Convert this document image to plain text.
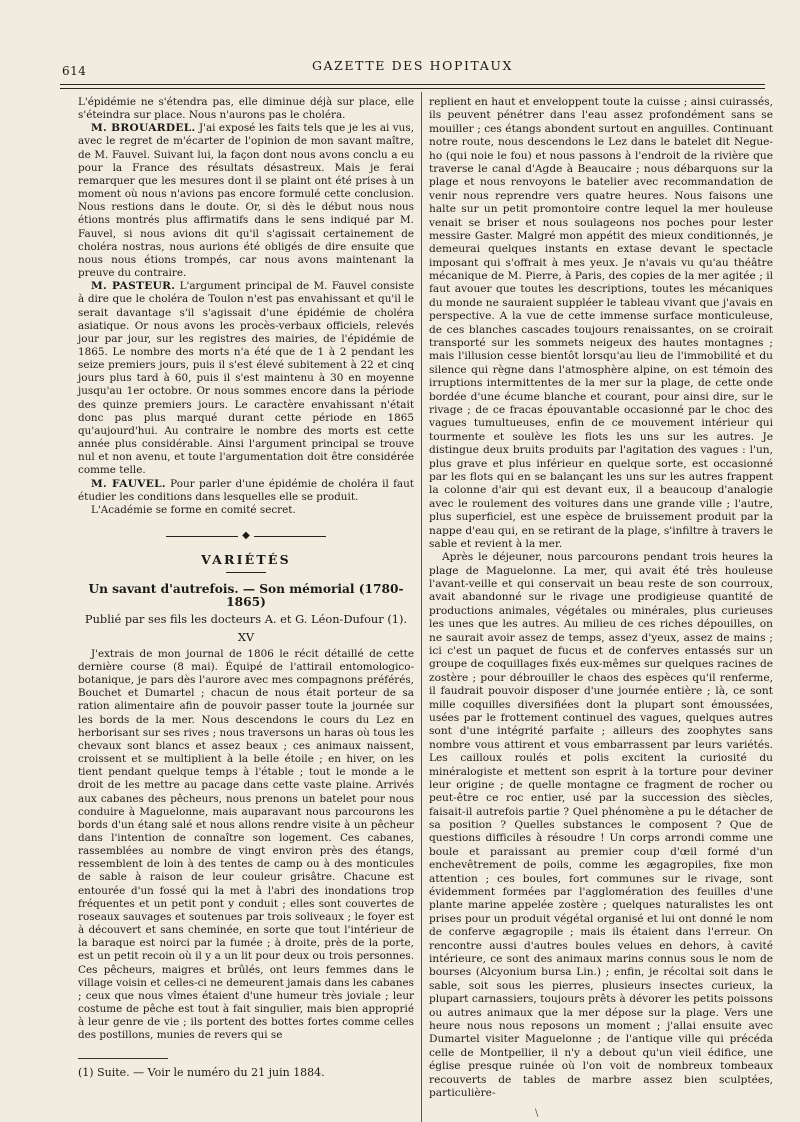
614	GAZETTE DES HOPITAUX

L'épidémie ne s'étendra pas, elle diminue déjà sur place, elle s'éteindra sur place. Nous n'aurons pas le choléra.

M. BROUARDEL. J'ai exposé les faits tels que je les ai vus, avec le regret de m'écarter de l'opinion de mon savant maître, de M. Fauvel. Suivant lui, la façon dont nous avons conclu a eu pour la France des résultats désastreux. Mais je ferai remarquer que les mesures dont il se plaint ont été prises à un moment où nous n'avions pas encore formulé cette conclusion. Nous restions dans le doute. Or, si dès le début nous nous étions montrés plus affirmatifs dans le sens indiqué par M. Fauvel, si nous avions dit qu'il s'agissait certainement de choléra nostras, nous aurions été obligés de dire ensuite que nous nous étions trompés, car nous avons maintenant la preuve du contraire.

M. PASTEUR. L'argument principal de M. Fauvel consiste à dire que le choléra de Toulon n'est pas envahissant et qu'il le serait davantage s'il s'agissait d'une épidémie de choléra asiatique. Or nous avons les procès-verbaux officiels, relevés jour par jour, sur les registres des mairies, de l'épidémie de 1865. Le nombre des morts n'a été que de 1 à 2 pendant les seize premiers jours, puis il s'est élevé subitement à 22 et cinq jours plus tard à 60, puis il s'est maintenu à 30 en moyenne jusqu'au 1er octobre. Or nous sommes encore dans la période des quinze premiers jours. Le caractère envahissant n'était donc pas plus marqué durant cette période en 1865 qu'aujourd'hui. Au contraire le nombre des morts est cette année plus considérable. Ainsi l'argument principal se trouve nul et non avenu, et toute l'argumentation doit être considérée comme telle.

M. FAUVEL. Pour parler d'une épidémie de choléra il faut étudier les conditions dans lesquelles elle se produit.

L'Académie se forme en comité secret.

◆
VARIÉTÉS
Un savant d'autrefois. — Son mémorial (1780-1865)
Publié par ses fils les docteurs A. et G. Léon-Dufour (1).
XV

J'extrais de mon journal de 1806 le récit détaillé de cette dernière course (8 mai). Équipé de l'attirail entomologico-botanique, je pars dès l'aurore avec mes compagnons préférés, Bouchet et Dumartel ; chacun de nous était porteur de sa ration alimentaire afin de pouvoir passer toute la journée sur les bords de la mer. Nous descendons le cours du Lez en herborisant sur ses rives ; nous traversons un haras où tous les chevaux sont blancs et assez beaux ; ces animaux naissent, croissent et se multiplient à la belle étoile ; en hiver, on les tient pendant quelque temps à l'étable ; tout le monde a le droit de les mettre au pacage dans cette vaste plaine. Arrivés aux cabanes des pêcheurs, nous prenons un batelet pour nous conduire à Maguelonne, mais auparavant nous parcourons les bords d'un étang salé et nous allons rendre visite à un pêcheur dans l'intention de connaître son logement. Ces cabanes, rassemblées au nombre de vingt environ près des étangs, ressemblent de loin à des tentes de camp ou à des monticules de sable à raison de leur couleur grisâtre. Chacune est entourée d'un fossé qui la met à l'abri des inondations trop fréquentes et un petit pont y conduit ; elles sont couvertes de roseaux sauvages et soutenues par trois soliveaux ; le foyer est à découvert et sans cheminée, en sorte que tout l'intérieur de la baraque est noirci par la fumée ; à droite, près de la porte, est un petit recoin où il y a un lit pour deux ou trois personnes. Ces pêcheurs, maigres et brûlés, ont leurs femmes dans le village voisin et celles-ci ne demeurent jamais dans les cabanes ; ceux que nous vîmes étaient d'une humeur très joviale ; leur costume de pêche est tout à fait singulier, mais bien approprié à leur genre de vie ; ils portent des bottes fortes comme celles des postillons, munies de revers qui se

replient en haut et enveloppent toute la cuisse ; ainsi cuirassés, ils peuvent pénétrer dans l'eau assez profondément sans se mouiller ; ces étangs abondent surtout en anguilles. Continuant notre route, nous descendons le Lez dans le batelet dit Negue-ho (qui noie le fou) et nous passons à l'endroit de la rivière que traverse le canal d'Agde à Beaucaire ; nous débarquons sur la plage et nous renvoyons le batelier avec recommandation de venir nous reprendre vers quatre heures. Nous faisons une halte sur un petit promontoire contre lequel la mer houleuse venait se briser et nous soulageons nos poches pour lester messire Gaster. Malgré mon appétit des mieux conditionnés, je demeurai quelques instants en extase devant le spectacle imposant qui s'offrait à mes yeux. Je n'avais vu qu'au théâtre mécanique de M. Pierre, à Paris, des copies de la mer agitée ; il faut avouer que toutes les descriptions, toutes les mécaniques du monde ne sauraient suppléer le tableau vivant que j'avais en perspective. A la vue de cette immense surface monticuleuse, de ces blanches cascades toujours renaissantes, on se croirait transporté sur les sommets neigeux des hautes montagnes ; mais l'illusion cesse bientôt lorsqu'au lieu de l'immobilité et du silence qui règne dans l'atmosphère alpine, on est témoin des irruptions intermittentes de la mer sur la plage, de cette onde bordée d'une écume blanche et courant, pour ainsi dire, sur le rivage ; de ce fracas épouvantable occasionné par le choc des vagues tumultueuses, enfin de ce mouvement intérieur qui tourmente et soulève les flots les uns sur les autres. Je distingue deux bruits produits par l'agitation des vagues : l'un, plus grave et plus inférieur en quelque sorte, est occasionné par les flots qui en se balançant les uns sur les autres frappent la colonne d'air qui est devant eux, il a beaucoup d'analogie avec le roulement des voitures dans une grande ville ; l'autre, plus superficiel, est une espèce de bruissement produit par la nappe d'eau qui, en se retirant de la plage, s'infiltre à travers le sable et revient à la mer.

Après le déjeuner, nous parcourons pendant trois heures la plage de Maguelonne. La mer, qui avait été très houleuse l'avant-veille et qui conservait un beau reste de son courroux, avait abandonné sur le rivage une prodigieuse quantité de productions animales, végétales ou minérales, plus curieuses les unes que les autres. Au milieu de ces riches dépouilles, on ne saurait avoir assez de temps, assez d'yeux, assez de mains ; ici c'est un paquet de fucus et de conferves entassés sur un groupe de coquillages fixés eux-mêmes sur quelques racines de zostère ; pour débrouiller le chaos des espèces qu'il renferme, il faudrait pouvoir disposer d'une journée entière ; là, ce sont mille coquilles diversifiées dont la plupart sont émoussées, usées par le frottement continuel des vagues, quelques autres sont d'une intégrité parfaite ; ailleurs des zoophytes sans nombre vous attirent et vous embarrassent par leurs variétés. Les cailloux roulés et polis excitent la curiosité du minéralogiste et mettent son esprit à la torture pour deviner leur origine ; de quelle montagne ce fragment de rocher ou peut-être ce roc entier, usé par la succession des siècles, faisait-il autrefois partie ? Quel phénomène a pu le détacher de sa position ? Quelles substances le composent ? Que de questions difficiles à résoudre ! Un corps arrondi comme une boule et paraissant au premier coup d'œil formé d'un enchevêtrement de poils, comme les ægagropiles, fixe mon attention ; ces boules, fort communes sur le rivage, sont évidemment formées par l'agglomération des feuilles d'une plante marine appelée zostère ; quelques naturalistes les ont prises pour un produit végétal organisé et lui ont donné le nom de conferve ægagropile ; mais ils étaient dans l'erreur. On rencontre aussi d'autres boules velues en dehors, à cavité intérieure, ce sont des animaux marins connus sous le nom de bourses (Alcyonium bursa Lin.) ; enfin, je récoltai soit dans le sable, soit sous les pierres, plusieurs insectes curieux, la plupart carnassiers, toujours prêts à dévorer les petits poissons ou autres animaux que la mer dépose sur la plage. Vers une heure nous nous reposons un moment ; j'allai ensuite avec Dumartel visiter Maguelonne ; de l'antique ville qui précéda celle de Montpellier, il n'y a debout qu'un vieil édifice, une église presque ruinée où l'on voit de nombreux tombeaux recouverts de tables de marbre assez bien sculptées, particulière-

(1) Suite. — Voir le numéro du 21 juin 1884.
\
